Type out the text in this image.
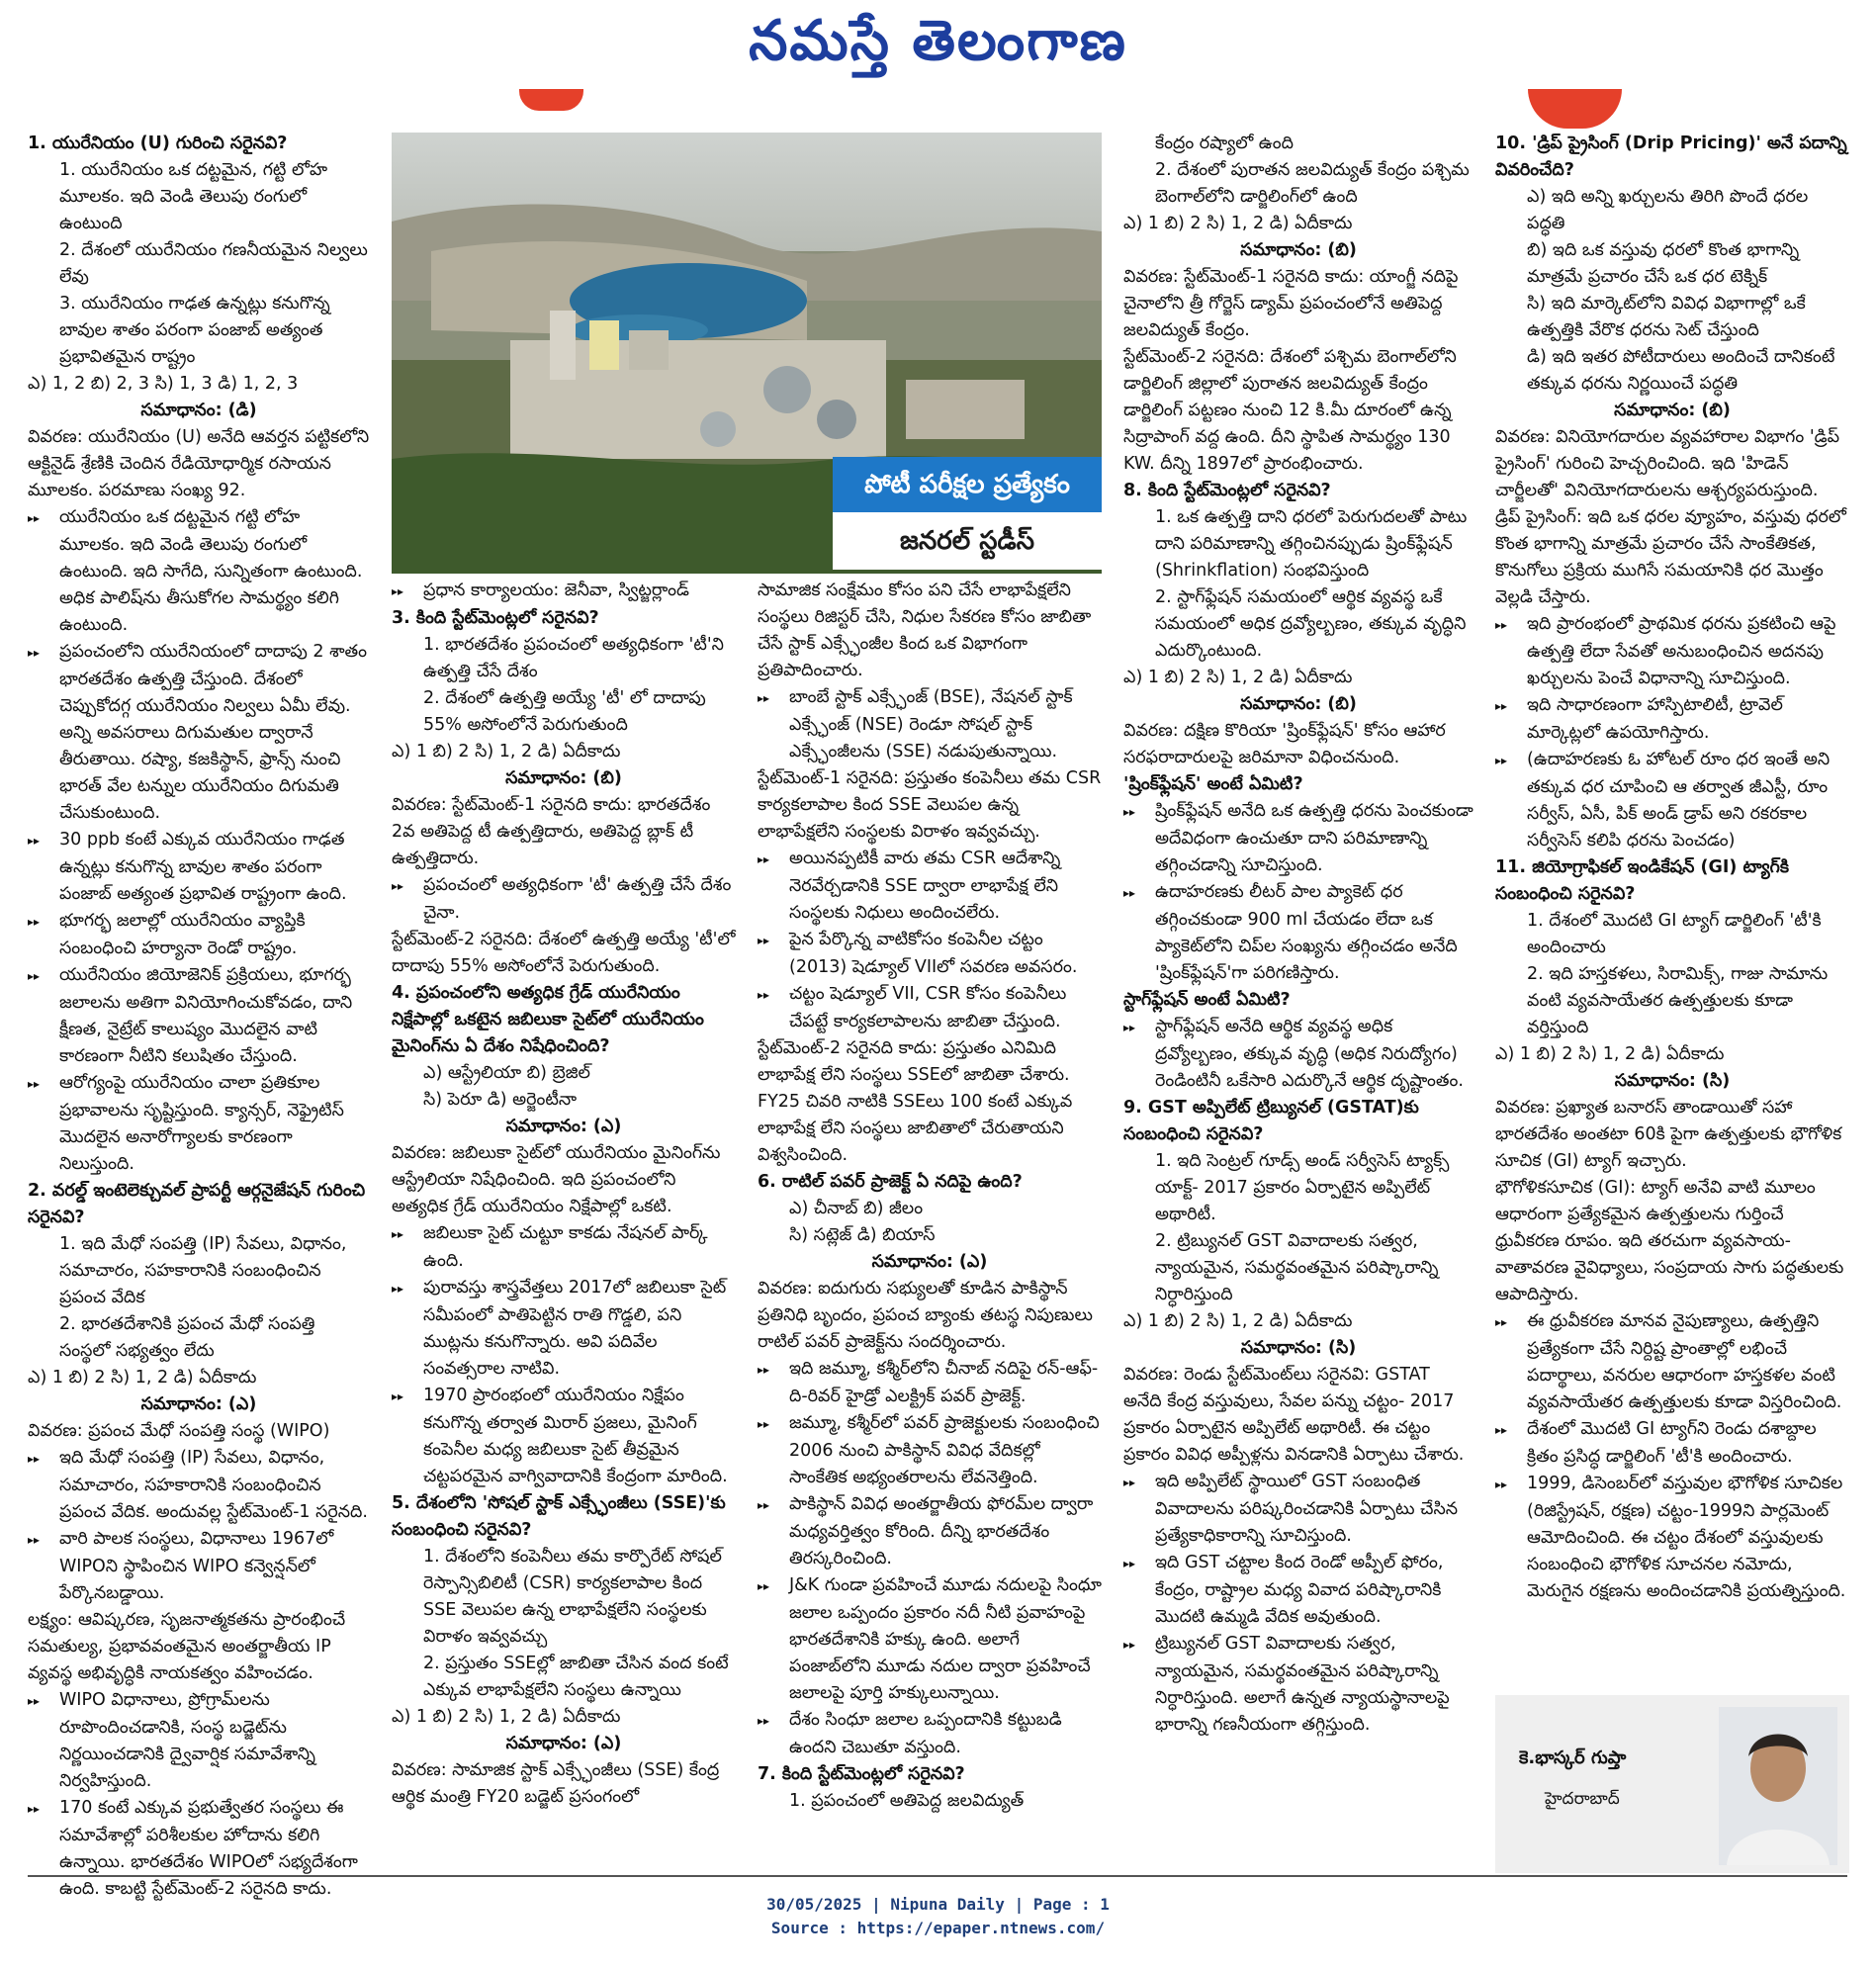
నమస్తే తెలంగాణ

1. యురేనియం (U) గురించి సరైనవి?

1. యురేనియం ఒక దట్టమైన, గట్టి లోహ మూలకం. ఇది వెండి తెలుపు రంగులో ఉంటుంది

2. దేశంలో యురేనియం గణనీయమైన నిల్వలు లేవు

3. యురేనియం గాఢత ఉన్నట్లు కనుగొన్న బావుల శాతం పరంగా పంజాబ్ అత్యంత ప్రభావితమైన రాష్ట్రం

ఎ) 1, 2 బి) 2, 3 సి) 1, 3 డి) 1, 2, 3

సమాధానం: (డి)

వివరణ: యురేనియం (U) అనేది ఆవర్తన పట్టికలోని ఆక్టినైడ్ శ్రేణికి చెందిన రేడియోధార్మిక రసాయన మూలకం. పరమాణు సంఖ్య 92.

▸▸ యురేనియం ఒక దట్టమైన గట్టి లోహ మూలకం. ఇది వెండి తెలుపు రంగులో ఉంటుంది. ఇది సాగేది, సున్నితంగా ఉంటుంది. అధిక పాలిష్‌ను తీసుకోగల సామర్థ్యం కలిగి ఉంటుంది.

▸▸ ప్రపంచంలోని యురేనియంలో దాదాపు 2 శాతం భారతదేశం ఉత్పత్తి చేస్తుంది. దేశంలో చెప్పుకోదగ్గ యురేనియం నిల్వలు ఏమీ లేవు. అన్ని అవసరాలు దిగుమతుల ద్వారానే తీరుతాయి. రష్యా, కజకిస్థాన్, ఫ్రాన్స్ నుంచి భారత్ వేల టన్నుల యురేనియం దిగుమతి చేసుకుంటుంది.

▸▸ 30 ppb కంటే ఎక్కువ యురేనియం గాఢత ఉన్నట్లు కనుగొన్న బావుల శాతం పరంగా పంజాబ్ అత్యంత ప్రభావిత రాష్ట్రంగా ఉంది.

▸▸ భూగర్భ జలాల్లో యురేనియం వ్యాప్తికి సంబంధించి హర్యానా రెండో రాష్ట్రం.

▸▸ యురేనియం జియోజెనిక్ ప్రక్రియలు, భూగర్భ జలాలను అతిగా వినియోగించుకోవడం, దాని క్షీణత, నైట్రేట్ కాలుష్యం మొదలైన వాటి కారణంగా నీటిని కలుషితం చేస్తుంది.

▸▸ ఆరోగ్యంపై యురేనియం చాలా ప్రతికూల ప్రభావాలను సృష్టిస్తుంది. క్యాన్సర్, నెఫ్రైటిస్ మొదలైన అనారోగ్యాలకు కారణంగా నిలుస్తుంది.

2. వరల్డ్ ఇంటెలెక్చువల్ ప్రాపర్టీ ఆర్గనైజేషన్ గురించి సరైనవి?

1. ఇది మేధో సంపత్తి (IP) సేవలు, విధానం, సమాచారం, సహకారానికి సంబంధించిన ప్రపంచ వేదిక

2. భారతదేశానికి ప్రపంచ మేధో సంపత్తి సంస్థలో సభ్యత్వం లేదు

ఎ) 1 బి) 2 సి) 1, 2 డి) ఏదీకాదు

సమాధానం: (ఎ)

వివరణ: ప్రపంచ మేధో సంపత్తి సంస్థ (WIPO)

▸▸ ఇది మేధో సంపత్తి (IP) సేవలు, విధానం, సమాచారం, సహకారానికి సంబంధించిన ప్రపంచ వేదిక. అందువల్ల స్టేట్‌మెంట్-1 సరైనది.

▸▸ వారి పాలక సంస్థలు, విధానాలు 1967లో WIPOని స్థాపించిన WIPO కన్వెన్షన్‌లో పేర్కొనబడ్డాయి.

లక్ష్యం: ఆవిష్కరణ, సృజనాత్మకతను ప్రారంభించే సమతుల్య, ప్రభావవంతమైన అంతర్జాతీయ IP వ్యవస్థ అభివృద్ధికి నాయకత్వం వహించడం.

▸▸ WIPO విధానాలు, ప్రోగ్రామ్‌లను రూపొందించడానికి, సంస్థ బడ్జెట్‌ను నిర్ణయించడానికి ద్వైవార్షిక సమావేశాన్ని నిర్వహిస్తుంది.

▸▸ 170 కంటే ఎక్కువ ప్రభుత్వేతర సంస్థలు ఈ సమావేశాల్లో పరిశీలకుల హోదాను కలిగి ఉన్నాయి. భారతదేశం WIPOలో సభ్యదేశంగా ఉంది. కాబట్టి స్టేట్‌మెంట్-2 సరైనది కాదు.

పోటీ పరీక్షల ప్రత్యేకం
జనరల్ స్టడీస్

▸▸ ప్రధాన కార్యాలయం: జెనీవా, స్విట్జర్లాండ్

3. కింది స్టేట్‌మెంట్లలో సరైనవి?

1. భారతదేశం ప్రపంచంలో అత్యధికంగా 'టీ'ని ఉత్పత్తి చేసే దేశం

2. దేశంలో ఉత్పత్తి అయ్యే 'టీ' లో దాదాపు 55% అసోంలోనే పెరుగుతుంది

ఎ) 1 బి) 2 సి) 1, 2 డి) ఏదీకాదు

సమాధానం: (బి)

వివరణ: స్టేట్‌మెంట్-1 సరైనది కాదు: భారతదేశం 2వ అతిపెద్ద టీ ఉత్పత్తిదారు, అతిపెద్ద బ్లాక్ టీ ఉత్పత్తిదారు.

▸▸ ప్రపంచంలో అత్యధికంగా 'టీ' ఉత్పత్తి చేసే దేశం చైనా.

స్టేట్‌మెంట్-2 సరైనది: దేశంలో ఉత్పత్తి అయ్యే 'టీ'లో దాదాపు 55% అసోంలోనే పెరుగుతుంది.

4. ప్రపంచంలోని అత్యధిక గ్రేడ్ యురేనియం నిక్షేపాల్లో ఒకటైన జబిలుకా సైట్‌లో యురేనియం మైనింగ్‌ను ఏ దేశం నిషేధించింది?

ఎ) ఆస్ట్రేలియా బి) బ్రెజిల్

సి) పెరూ డి) అర్జెంటీనా

సమాధానం: (ఎ)

వివరణ: జబిలుకా సైట్‌లో యురేనియం మైనింగ్‌ను ఆస్ట్రేలియా నిషేధించింది. ఇది ప్రపంచంలోని అత్యధిక గ్రేడ్ యురేనియం నిక్షేపాల్లో ఒకటి.

▸▸ జబిలుకా సైట్ చుట్టూ కాకడు నేషనల్ పార్క్ ఉంది.

▸▸ పురావస్తు శాస్త్రవేత్తలు 2017లో జబిలుకా సైట్ సమీపంలో పాతిపెట్టిన రాతి గొడ్డలి, పని ముట్లను కనుగొన్నారు. అవి పదివేల సంవత్సరాల నాటివి.

▸▸ 1970 ప్రారంభంలో యురేనియం నిక్షేపం కనుగొన్న తర్వాత మిరార్ ప్రజలు, మైనింగ్ కంపెనీల మధ్య జబిలుకా సైట్ తీవ్రమైన చట్టపరమైన వాగ్వివాదానికి కేంద్రంగా మారింది.

5. దేశంలోని 'సోషల్ స్టాక్ ఎక్స్ఛేంజీలు (SSE)'కు సంబంధించి సరైనవి?

1. దేశంలోని కంపెనీలు తమ కార్పొరేట్ సోషల్ రెస్పాన్సిబిలిటీ (CSR) కార్యకలాపాల కింద SSE వెలుపల ఉన్న లాభాపేక్షలేని సంస్థలకు విరాళం ఇవ్వవచ్చు

2. ప్రస్తుతం SSEల్లో జాబితా చేసిన వంద కంటే ఎక్కువ లాభాపేక్షలేని సంస్థలు ఉన్నాయి

ఎ) 1 బి) 2 సి) 1, 2 డి) ఏదీకాదు

సమాధానం: (ఎ)

వివరణ: సామాజిక స్టాక్ ఎక్స్ఛేంజీలు (SSE) కేంద్ర ఆర్థిక మంత్రి FY20 బడ్జెట్ ప్రసంగంలో

సామాజిక సంక్షేమం కోసం పని చేసే లాభాపేక్షలేని సంస్థలు రిజిస్టర్ చేసి, నిధుల సేకరణ కోసం జాబితా చేసే స్టాక్ ఎక్స్ఛేంజీల కింద ఒక విభాగంగా ప్రతిపాదించారు.

▸▸ బాంబే స్టాక్ ఎక్స్ఛేంజ్ (BSE), నేషనల్ స్టాక్ ఎక్స్ఛేంజ్ (NSE) రెండూ సోషల్ స్టాక్ ఎక్స్ఛేంజీలను (SSE) నడుపుతున్నాయి.

స్టేట్‌మెంట్-1 సరైనది: ప్రస్తుతం కంపెనీలు తమ CSR కార్యకలాపాల కింద SSE వెలుపల ఉన్న లాభాపేక్షలేని సంస్థలకు విరాళం ఇవ్వవచ్చు.

▸▸ అయినప్పటికీ వారు తమ CSR ఆదేశాన్ని నెరవేర్చడానికి SSE ద్వారా లాభాపేక్ష లేని సంస్థలకు నిధులు అందించలేరు.

▸▸ పైన పేర్కొన్న వాటికోసం కంపెనీల చట్టం (2013) షెడ్యూల్ VIIలో సవరణ అవసరం.

▸▸ చట్టం షెడ్యూల్ VII, CSR కోసం కంపెనీలు చేపట్టే కార్యకలాపాలను జాబితా చేస్తుంది.

స్టేట్‌మెంట్-2 సరైనది కాదు: ప్రస్తుతం ఎనిమిది లాభాపేక్ష లేని సంస్థలు SSEలో జాబితా చేశారు. FY25 చివరి నాటికి SSEలు 100 కంటే ఎక్కువ లాభాపేక్ష లేని సంస్థలు జాబితాలో చేరుతాయని విశ్వసించింది.

6. రాటిల్ పవర్ ప్రాజెక్ట్ ఏ నదిపై ఉంది?

ఎ) చీనాబ్ బి) జీలం

సి) సట్లెజ్ డి) బియాస్

సమాధానం: (ఎ)

వివరణ: ఐదుగురు సభ్యులతో కూడిన పాకిస్థాన్ ప్రతినిధి బృందం, ప్రపంచ బ్యాంకు తటస్థ నిపుణులు రాటిల్ పవర్ ప్రాజెక్ట్‌ను సందర్శించారు.

▸▸ ఇది జమ్మూ, కశ్మీర్‌లోని చీనాబ్ నదిపై రన్-ఆఫ్-ది-రివర్ హైడ్రో ఎలక్ట్రిక్ పవర్ ప్రాజెక్ట్.

▸▸ జమ్మూ, కశ్మీర్‌లో పవర్ ప్రాజెక్టులకు సంబంధించి 2006 నుంచి పాకిస్థాన్ వివిధ వేదికల్లో సాంకేతిక అభ్యంతరాలను లేవనెత్తింది.

▸▸ పాకిస్థాన్ వివిధ అంతర్జాతీయ ఫోరమ్‌ల ద్వారా మధ్యవర్తిత్వం కోరింది. దీన్ని భారతదేశం తిరస్కరించింది.

▸▸ J&K గుండా ప్రవహించే మూడు నదులపై సింధూ జలాల ఒప్పందం ప్రకారం నదీ నీటి ప్రవాహంపై భారతదేశానికి హక్కు ఉంది. అలాగే పంజాబ్‌లోని మూడు నదుల ద్వారా ప్రవహించే జలాలపై పూర్తి హక్కులున్నాయి.

▸▸ దేశం సింధూ జలాల ఒప్పందానికి కట్టుబడి ఉందని చెబుతూ వస్తుంది.

7. కింది స్టేట్‌మెంట్లలో సరైనవి?

1. ప్రపంచంలో అతిపెద్ద జలవిద్యుత్

కేంద్రం రష్యాలో ఉంది

2. దేశంలో పురాతన జలవిద్యుత్ కేంద్రం పశ్చిమ బెంగాల్‌లోని డార్జిలింగ్‌లో ఉంది

ఎ) 1 బి) 2 సి) 1, 2 డి) ఏదీకాదు

సమాధానం: (బి)

వివరణ: స్టేట్‌మెంట్-1 సరైనది కాదు: యాంగ్జీ నదిపై చైనాలోని త్రీ గోర్జెస్ డ్యామ్ ప్రపంచంలోనే అతిపెద్ద జలవిద్యుత్ కేంద్రం.

స్టేట్‌మెంట్-2 సరైనది: దేశంలో పశ్చిమ బెంగాల్‌లోని డార్జిలింగ్ జిల్లాలో పురాతన జలవిద్యుత్ కేంద్రం డార్జిలింగ్ పట్టణం నుంచి 12 కి.మీ దూరంలో ఉన్న సిద్రాపాంగ్ వద్ద ఉంది. దీని స్థాపిత సామర్థ్యం 130 KW. దీన్ని 1897లో ప్రారంభించారు.

8. కింది స్టేట్‌మెంట్లలో సరైనవి?

1. ఒక ఉత్పత్తి దాని ధరలో పెరుగుదలతో పాటు దాని పరిమాణాన్ని తగ్గించినప్పుడు ష్రింక్‌ఫ్లేషన్ (Shrinkflation) సంభవిస్తుంది

2. స్టాగ్‌ఫ్లేషన్ సమయంలో ఆర్థిక వ్యవస్థ ఒకే సమయంలో అధిక ద్రవ్యోల్బణం, తక్కువ వృద్ధిని ఎదుర్కొంటుంది.

ఎ) 1 బి) 2 సి) 1, 2 డి) ఏదీకాదు

సమాధానం: (బి)

వివరణ: దక్షిణ కొరియా 'ష్రింక్‌ఫ్లేషన్' కోసం ఆహార సరఫరాదారులపై జరిమానా విధించనుంది.

'ష్రింక్‌ఫ్లేషన్' అంటే ఏమిటి?

▸▸ ష్రింక్‌ఫ్లేషన్ అనేది ఒక ఉత్పత్తి ధరను పెంచకుండా అదేవిధంగా ఉంచుతూ దాని పరిమాణాన్ని తగ్గించడాన్ని సూచిస్తుంది.

▸▸ ఉదాహరణకు లీటర్ పాల ప్యాకెట్ ధర తగ్గించకుండా 900 ml చేయడం లేదా ఒక ప్యాకెట్‌లోని చిప్‌ల సంఖ్యను తగ్గించడం అనేది 'ష్రింక్‌ఫ్లేషన్'గా పరిగణిస్తారు.

స్టాగ్‌ఫ్లేషన్ అంటే ఏమిటి?

▸▸ స్టాగ్‌ఫ్లేషన్ అనేది ఆర్థిక వ్యవస్థ అధిక ద్రవ్యోల్బణం, తక్కువ వృద్ధి (అధిక నిరుద్యోగం) రెండింటినీ ఒకేసారి ఎదుర్కొనే ఆర్థిక దృష్టాంతం.

9. GST అప్పిలేట్ ట్రిబ్యునల్ (GSTAT)కు సంబంధించి సరైనవి?

1. ఇది సెంట్రల్ గూడ్స్ అండ్ సర్వీసెస్ ట్యాక్స్ యాక్ట్- 2017 ప్రకారం ఏర్పాటైన అప్పిలేట్ అథారిటీ.

2. ట్రిబ్యునల్ GST వివాదాలకు సత్వర, న్యాయమైన, సమర్థవంతమైన పరిష్కారాన్ని నిర్ధారిస్తుంది

ఎ) 1 బి) 2 సి) 1, 2 డి) ఏదీకాదు

సమాధానం: (సి)

వివరణ: రెండు స్టేట్‌మెంట్‌లు సరైనవి: GSTAT అనేది కేంద్ర వస్తువులు, సేవల పన్ను చట్టం- 2017 ప్రకారం ఏర్పాటైన అప్పిలేట్ అథారిటీ. ఈ చట్టం ప్రకారం వివిధ అప్పీళ్లను వినడానికి ఏర్పాటు చేశారు.

▸▸ ఇది అప్పిలేట్ స్థాయిలో GST సంబంధిత వివాదాలను పరిష్కరించడానికి ఏర్పాటు చేసిన ప్రత్యేకాధికారాన్ని సూచిస్తుంది.

▸▸ ఇది GST చట్టాల కింద రెండో అప్పీల్ ఫోరం, కేంద్రం, రాష్ట్రాల మధ్య వివాద పరిష్కారానికి మొదటి ఉమ్మడి వేదిక అవుతుంది.

▸▸ ట్రిబ్యునల్ GST వివాదాలకు సత్వర, న్యాయమైన, సమర్థవంతమైన పరిష్కారాన్ని నిర్ధారిస్తుంది. అలాగే ఉన్నత న్యాయస్థానాలపై భారాన్ని గణనీయంగా తగ్గిస్తుంది.

10. 'డ్రిప్ ప్రైసింగ్ (Drip Pricing)' అనే పదాన్ని వివరించేది?

ఎ) ఇది అన్ని ఖర్చులను తిరిగి పొందే ధరల పద్ధతి

బి) ఇది ఒక వస్తువు ధరలో కొంత భాగాన్ని మాత్రమే ప్రచారం చేసే ఒక ధర టెక్నిక్

సి) ఇది మార్కెట్‌లోని వివిధ విభాగాల్లో ఒకే ఉత్పత్తికి వేరొక ధరను సెట్ చేస్తుంది

డి) ఇది ఇతర పోటీదారులు అందించే దానికంటే తక్కువ ధరను నిర్ణయించే పద్ధతి

సమాధానం: (బి)

వివరణ: వినియోగదారుల వ్యవహారాల విభాగం 'డ్రిప్ ప్రైసింగ్' గురించి హెచ్చరించింది. ఇది 'హిడెన్ చార్జీలతో' వినియోగదారులను ఆశ్చర్యపరుస్తుంది.

డ్రిప్ ప్రైసింగ్: ఇది ఒక ధరల వ్యూహం, వస్తువు ధరలో కొంత భాగాన్ని మాత్రమే ప్రచారం చేసే సాంకేతికత, కొనుగోలు ప్రక్రియ ముగిసే సమయానికి ధర మొత్తం వెల్లడి చేస్తారు.

▸▸ ఇది ప్రారంభంలో ప్రాథమిక ధరను ప్రకటించి ఆపై ఉత్పత్తి లేదా సేవతో అనుబంధించిన అదనపు ఖర్చులను పెంచే విధానాన్ని సూచిస్తుంది.

▸▸ ఇది సాధారణంగా హాస్పిటాలిటీ, ట్రావెల్ మార్కెట్లలో ఉపయోగిస్తారు.

▸▸ (ఉదాహరణకు ఓ హోటల్ రూం ధర ఇంతే అని తక్కువ ధర చూపించి ఆ తర్వాత జీఎస్టీ, రూం సర్వీస్, ఏసీ, పిక్ అండ్ డ్రాప్ అని రకరకాల సర్వీసెస్ కలిపి ధరను పెంచడం)

11. జియోగ్రాఫికల్ ఇండికేషన్ (GI) ట్యాగ్‌కి సంబంధించి సరైనవి?

1. దేశంలో మొదటి GI ట్యాగ్ డార్జిలింగ్ 'టీ'కి అందించారు

2. ఇది హస్తకళలు, సిరామిక్స్, గాజు సామాను వంటి వ్యవసాయేతర ఉత్పత్తులకు కూడా వర్తిస్తుంది

ఎ) 1 బి) 2 సి) 1, 2 డి) ఏదీకాదు

సమాధానం: (సి)

వివరణ: ప్రఖ్యాత బనారస్ తాండాయితో సహా భారతదేశం అంతటా 60కి పైగా ఉత్పత్తులకు భౌగోళిక సూచిక (GI) ట్యాగ్ ఇచ్చారు.

భౌగోళికసూచిక (GI): ట్యాగ్ అనేవి వాటి మూలం ఆధారంగా ప్రత్యేకమైన ఉత్పత్తులను గుర్తించే ధ్రువీకరణ రూపం. ఇది తరచుగా వ్యవసాయ-వాతావరణ వైవిధ్యాలు, సంప్రదాయ సాగు పద్ధతులకు ఆపాదిస్తారు.

▸▸ ఈ ధ్రువీకరణ మానవ నైపుణ్యాలు, ఉత్పత్తిని ప్రత్యేకంగా చేసే నిర్దిష్ట ప్రాంతాల్లో లభించే పదార్థాలు, వనరుల ఆధారంగా హస్తకళల వంటి వ్యవసాయేతర ఉత్పత్తులకు కూడా విస్తరించింది.

▸▸ దేశంలో మొదటి GI ట్యాగ్‌ని రెండు దశాబ్దాల క్రితం ప్రసిద్ధ డార్జిలింగ్ 'టీ'కి అందించారు.

▸▸ 1999, డిసెంబర్‌లో వస్తువుల భౌగోళిక సూచికల (రిజిస్ట్రేషన్, రక్షణ) చట్టం-1999ని పార్లమెంట్ ఆమోదించింది. ఈ చట్టం దేశంలో వస్తువులకు సంబంధించి భౌగోళిక సూచనల నమోదు, మెరుగైన రక్షణను అందించడానికి ప్రయత్నిస్తుంది.

కె.భాస్కర్ గుప్తా
హైదరాబాద్
30/05/2025 | Nipuna Daily | Page : 1
Source : https://epaper.ntnews.com/
